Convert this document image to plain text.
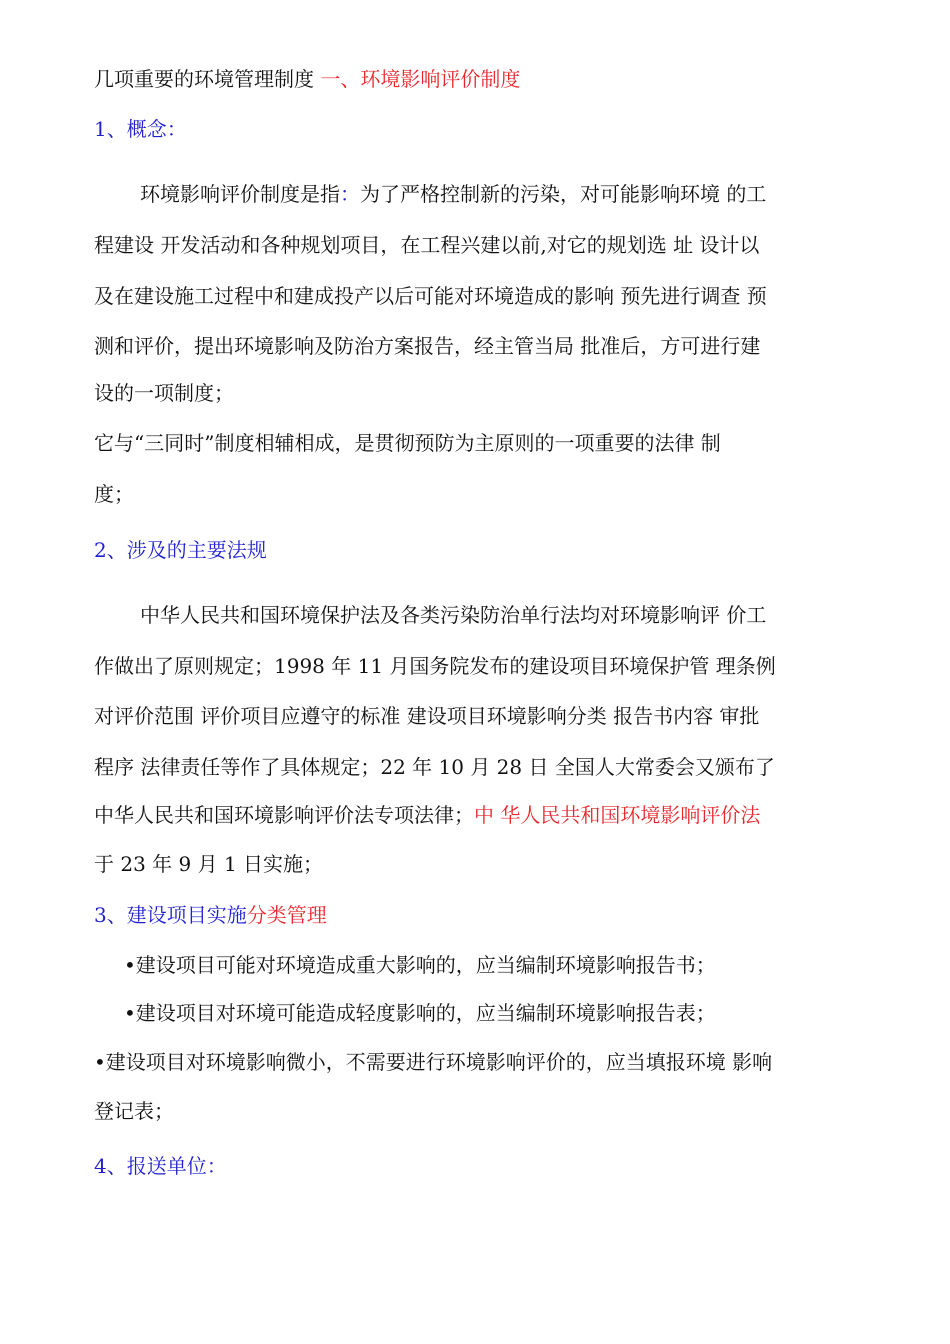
几项重要的环境管理制度 一、环境影响评价制度
1、概念：
环境影响评价制度是指：为了严格控制新的污染，对可能影响环境 的工
程建设 开发活动和各种规划项目，在工程兴建以前,对它的规划选 址 设计以
及在建设施工过程中和建成投产以后可能对环境造成的影响 预先进行调查 预
测和评价，提出环境影响及防治方案报告，经主管当局 批准后，方可进行建
设的一项制度；
它与“三同时”制度相辅相成，是贯彻预防为主原则的一项重要的法律 制
度；
2、涉及的主要法规
中华人民共和国环境保护法及各类污染防治单行法均对环境影响评 价工
作做出了原则规定；1998 年 11 月国务院发布的建设项目环境保护管 理条例
对评价范围 评价项目应遵守的标准 建设项目环境影响分类 报告书内容 审批
程序 法律责任等作了具体规定；22 年 10 月 28 日 全国人大常委会又颁布了
中华人民共和国环境影响评价法专项法律；中 华人民共和国环境影响评价法
于 23 年 9 月 1 日实施；
3、建设项目实施分类管理
•建设项目可能对环境造成重大影响的，应当编制环境影响报告书；
•建设项目对环境可能造成轻度影响的，应当编制环境影响报告表；
•建设项目对环境影响微小，不需要进行环境影响评价的，应当填报环境 影响
登记表；
4、报送单位：
